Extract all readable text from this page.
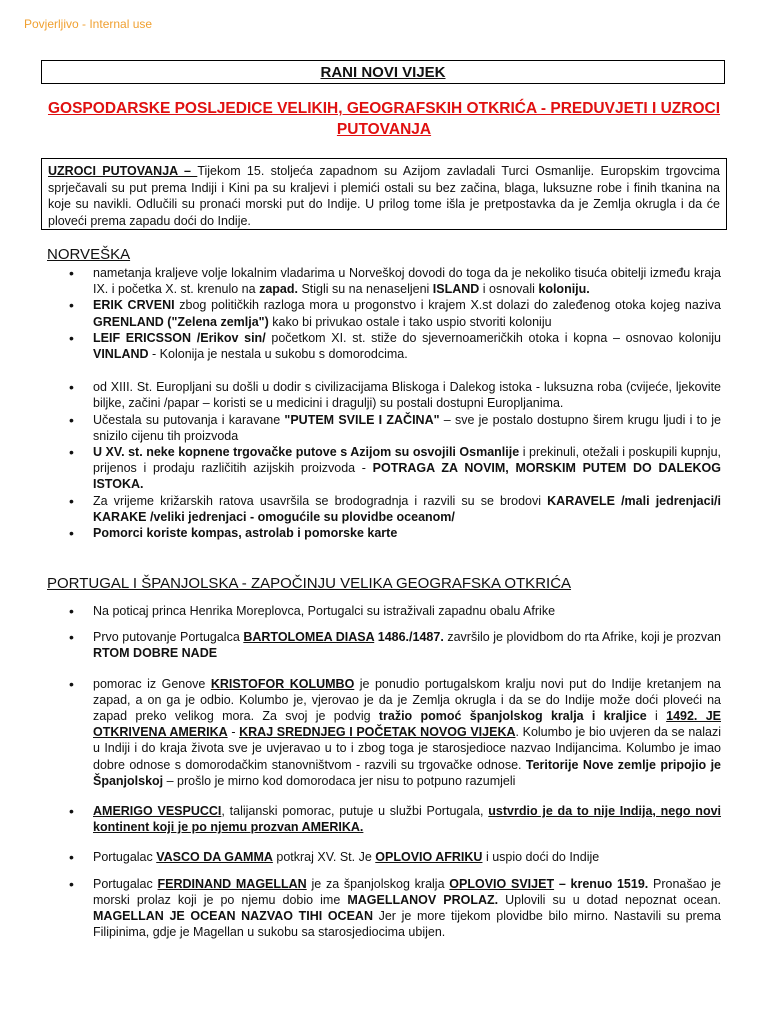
Povjerljivo - Internal use
RANI NOVI VIJEK
GOSPODARSKE POSLJEDICE VELIKIH, GEOGRAFSKIH OTKRIĆA - PREDUVJETI I UZROCI PUTOVANJA
UZROCI PUTOVANJA – Tijekom 15. stoljeća zapadnom su Azijom zavladali Turci Osmanlije. Europskim trgovcima sprječavali su put prema Indiji i Kini pa su kraljevi i plemići ostali su bez začina, blaga, luksuzne robe i finih tkanina na koje su navikli. Odlučili su pronaći morski put do Indije. U prilog tome išla je pretpostavka da je Zemlja okrugla i da će ploveći prema zapadu doći do Indije.
NORVEŠKA
• nametanja kraljeve volje lokalnim vladarima u Norveškoj dovodi do toga da je nekoliko tisuća obitelji između kraja IX. i početka X. st. krenulo na zapad. Stigli su na nenaseljeni ISLAND i osnovali koloniju.
• ERIK CRVENI zbog političkih razloga mora u progonstvo i krajem X.st dolazi do zaleđenog otoka kojeg naziva GRENLAND ("Zelena zemlja") kako bi privukao ostale i tako uspio stvoriti koloniju
• LEIF ERICSSON /Erikov sin/ početkom XI. st. stiže do sjevernoameričkih otoka i kopna – osnovao koloniju VINLAND - Kolonija je nestala u sukobu s domorodcima.
• od XIII. St. Europljani su došli u dodir s civilizacijama Bliskoga i Dalekog istoka - luksuzna roba (cvijeće, ljekovite biljke, začini /papar – koristi se u medicini i dragulji) su postali dostupni Europljanima.
• Učestala su putovanja i karavane "PUTEM SVILE I ZAČINA" – sve je postalo dostupno širem krugu ljudi i to je snizilo cijenu tih proizvoda
• U XV. st. neke kopnene trgovačke putove s Azijom su osvojili Osmanlije i prekinuli, otežali i poskupili kupnju, prijenos i prodaju različitih azijskih proizvoda - POTRAGA ZA NOVIM, MORSKIM PUTEM DO DALEKOG ISTOKA.
• Za vrijeme križarskih ratova usavršila se brodogradnja i razvili su se brodovi KARAVELE /mali jedrenjaci/i KARAKE /veliki jedrenjaci - omogućile su plovidbe oceanom/
• Pomorci koriste kompas, astrolab i pomorske karte
PORTUGAL I ŠPANJOLSKA - ZAPOČINJU VELIKA GEOGRAFSKA OTKRIĆA
• Na poticaj princa Henrika Moreplovca, Portugalci su istraživali zapadnu obalu Afrike
• Prvo putovanje Portugalca BARTOLOMEA DIASA 1486./1487. završilo je plovidbom do rta Afrike, koji je prozvan RTOM DOBRE NADE
• pomorac iz Genove KRISTOFOR KOLUMBO je ponudio portugalskom kralju novi put do Indije kretanjem na zapad, a on ga je odbio. Kolumbo je, vjerovao je da je Zemlja okrugla i da se do Indije može doći ploveći na zapad preko velikog mora. Za svoj je podvig tražio pomoć španjolskog kralja i kraljice i 1492. JE OTKRIVENA AMERIKA - KRAJ SREDNJEG I POČETAK NOVOG VIJEKA. Kolumbo je bio uvjeren da se nalazi u Indiji i do kraja života sve je uvjeravao u to i zbog toga je starosjedioce nazvao Indijancima. Kolumbo je imao dobre odnose s domorodačkim stanovništvom - razvili su trgovačke odnose. Teritorije Nove zemlje pripojio je Španjolskoj – prošlo je mirno kod domorodaca jer nisu to potpuno razumjeli
• AMERIGO VESPUCCI, talijanski pomorac, putuje u službi Portugala, ustvrdio je da to nije Indija, nego novi kontinent koji je po njemu prozvan AMERIKA.
• Portugalac VASCO DA GAMMA potkraj XV. St. Je OPLOVIO AFRIKU i uspio doći do Indije
• Portugalac FERDINAND MAGELLAN je za španjolskog kralja OPLOVIO SVIJET – krenuo 1519. Pronašao je morski prolaz koji je po njemu dobio ime MAGELLANOV PROLAZ. Uplovili su u dotad nepoznat ocean. MAGELLAN JE OCEAN NAZVAO TIHI OCEAN Jer je more tijekom plovidbe bilo mirno. Nastavili su prema Filipinima, gdje je Magellan u sukobu sa starosjediocima ubijen.
